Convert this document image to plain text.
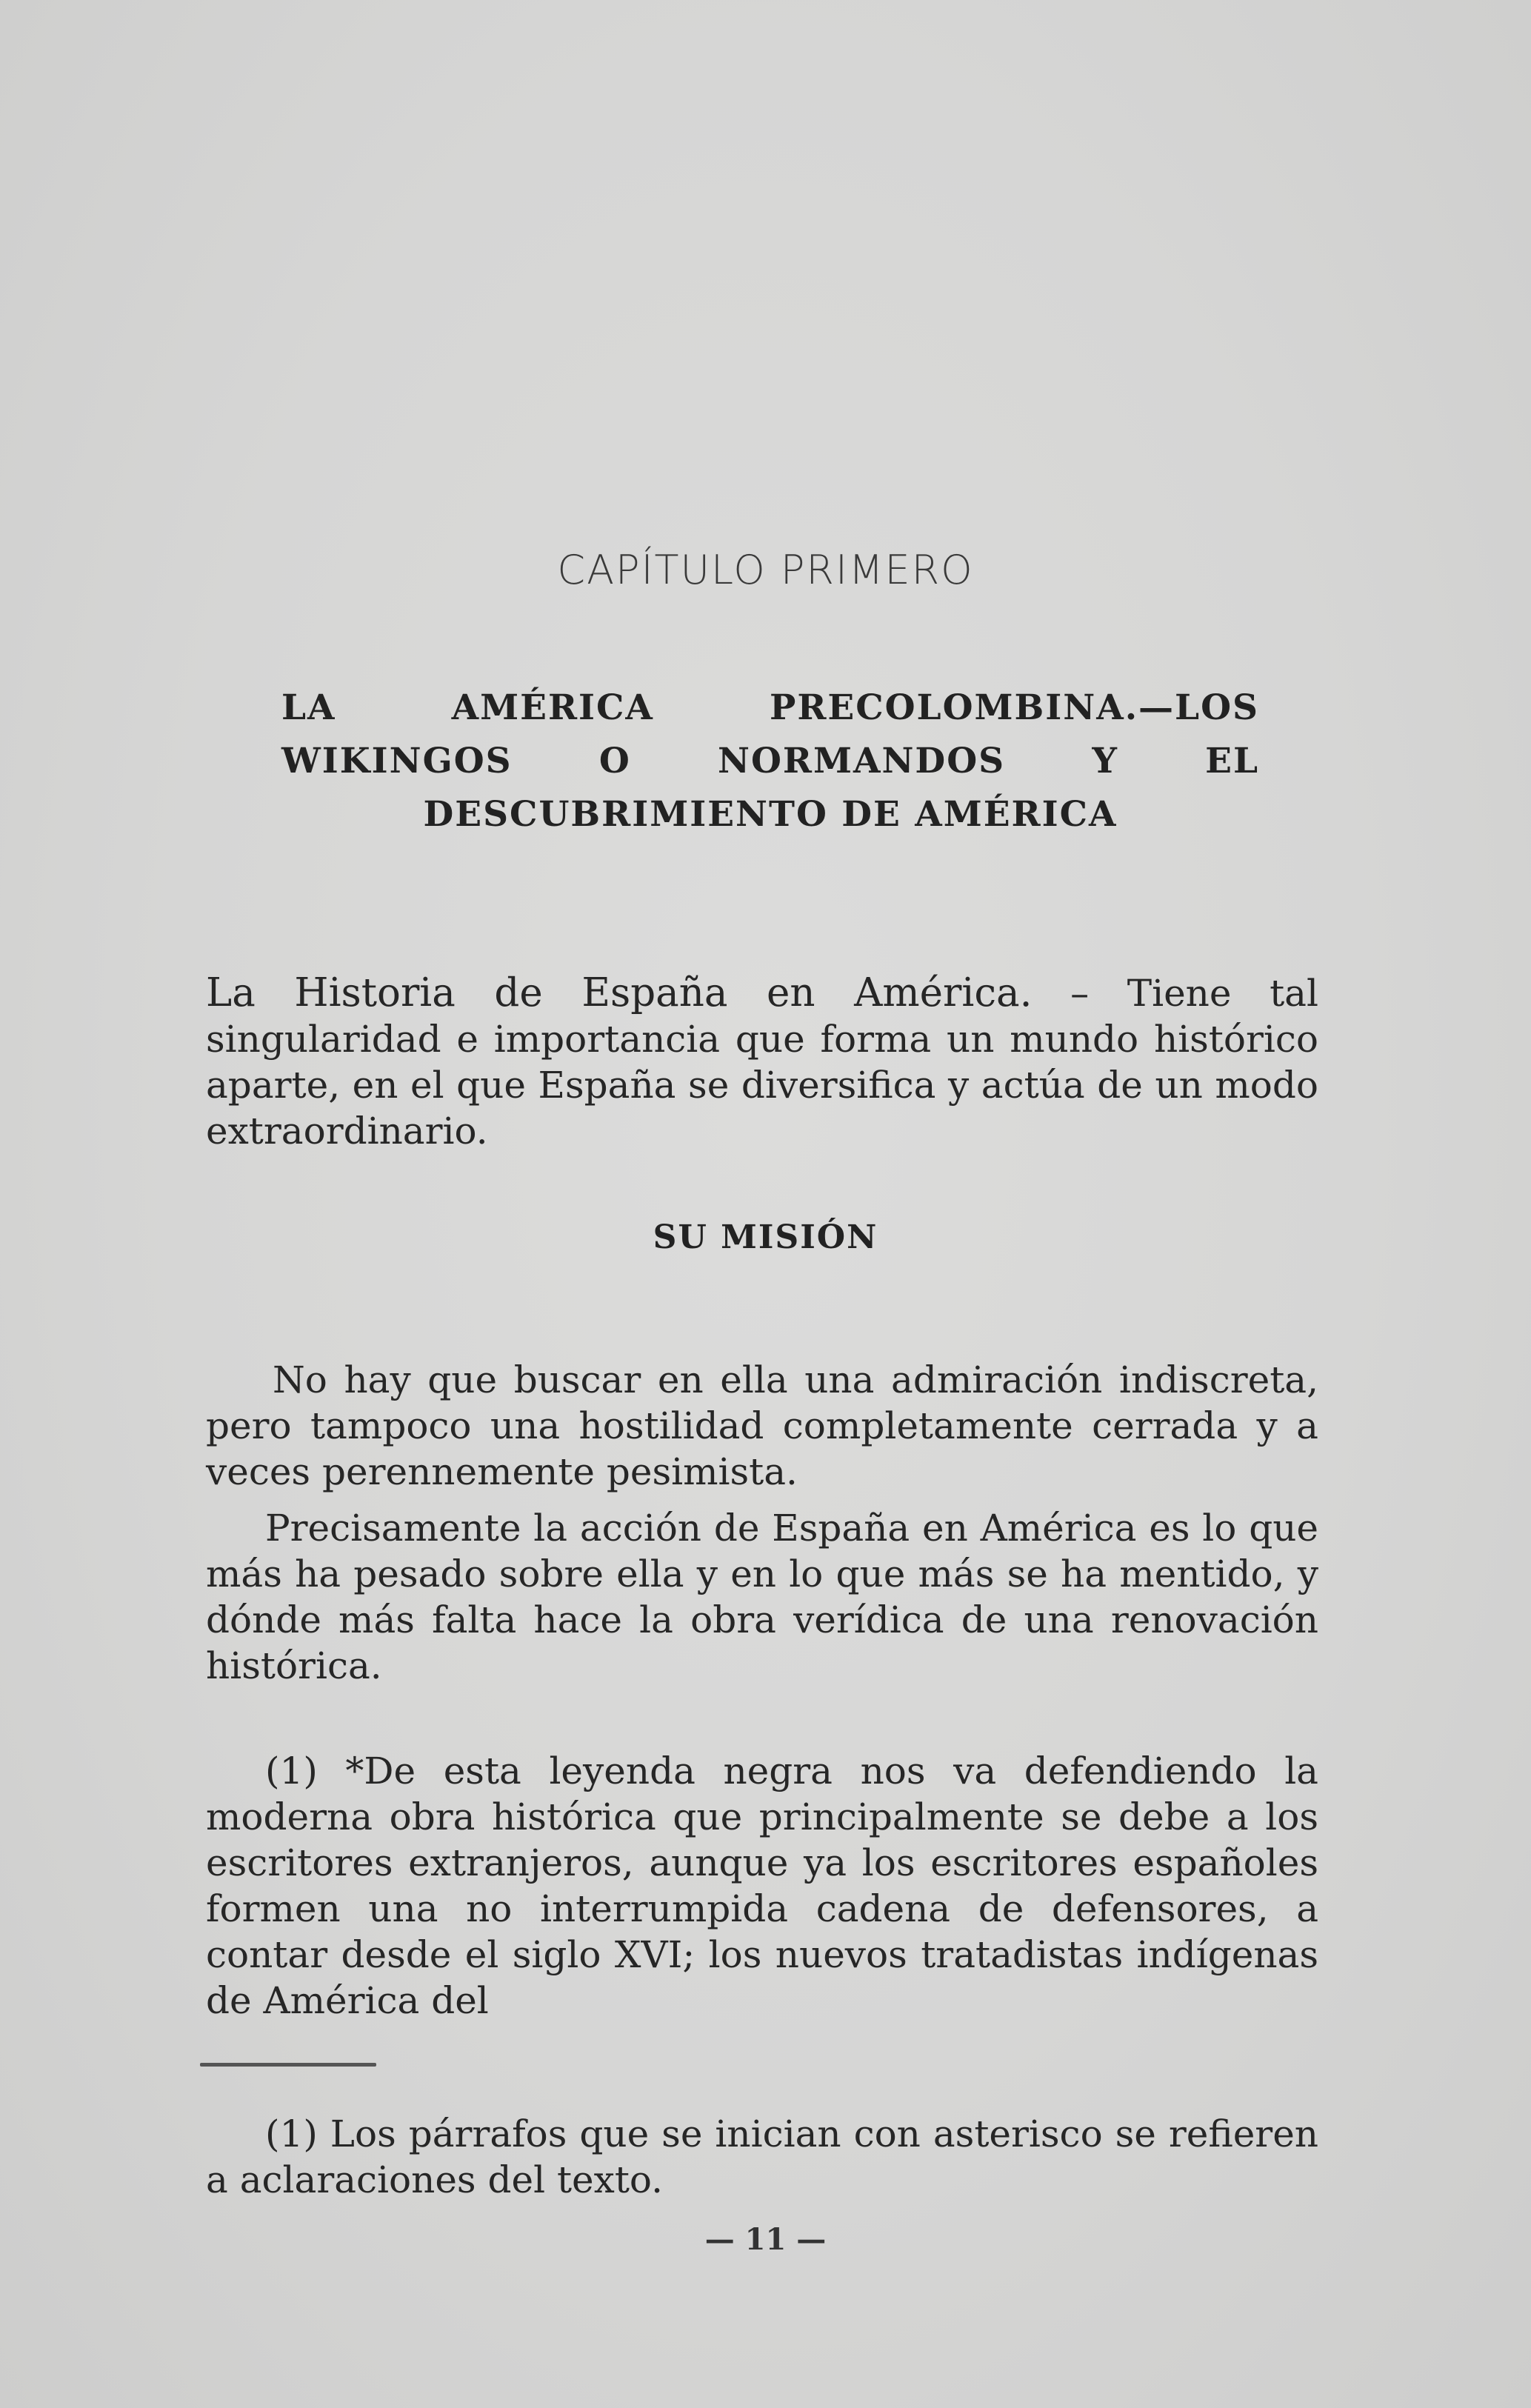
CAPÍTULO PRIMERO
LA AMÉRICA PRECOLOMBINA.—LOS WIKINGOS O NORMANDOS Y EL DESCUBRIMIENTO DE AMÉRICA
La Historia de España en América. – Tiene tal singularidad e importancia que forma un mundo histórico aparte, en el que España se diversifica y actúa de un modo extraordinario.
SU MISIÓN
No hay que buscar en ella una admiración indiscreta, pero tampoco una hostilidad completamente cerrada y a veces perennemente pesimista.
Precisamente la acción de España en América es lo que más ha pesado sobre ella y en lo que más se ha mentido, y dónde más falta hace la obra verídica de una renovación histórica.
(1) *De esta leyenda negra nos va defendiendo la moderna obra histórica que principalmente se debe a los escritores extranjeros, aunque ya los escritores españoles formen una no interrumpida cadena de defensores, a contar desde el siglo XVI; los nuevos tratadistas indígenas de América del
(1) Los párrafos que se inician con asterisco se refieren a aclaraciones del texto.
— 11 —
